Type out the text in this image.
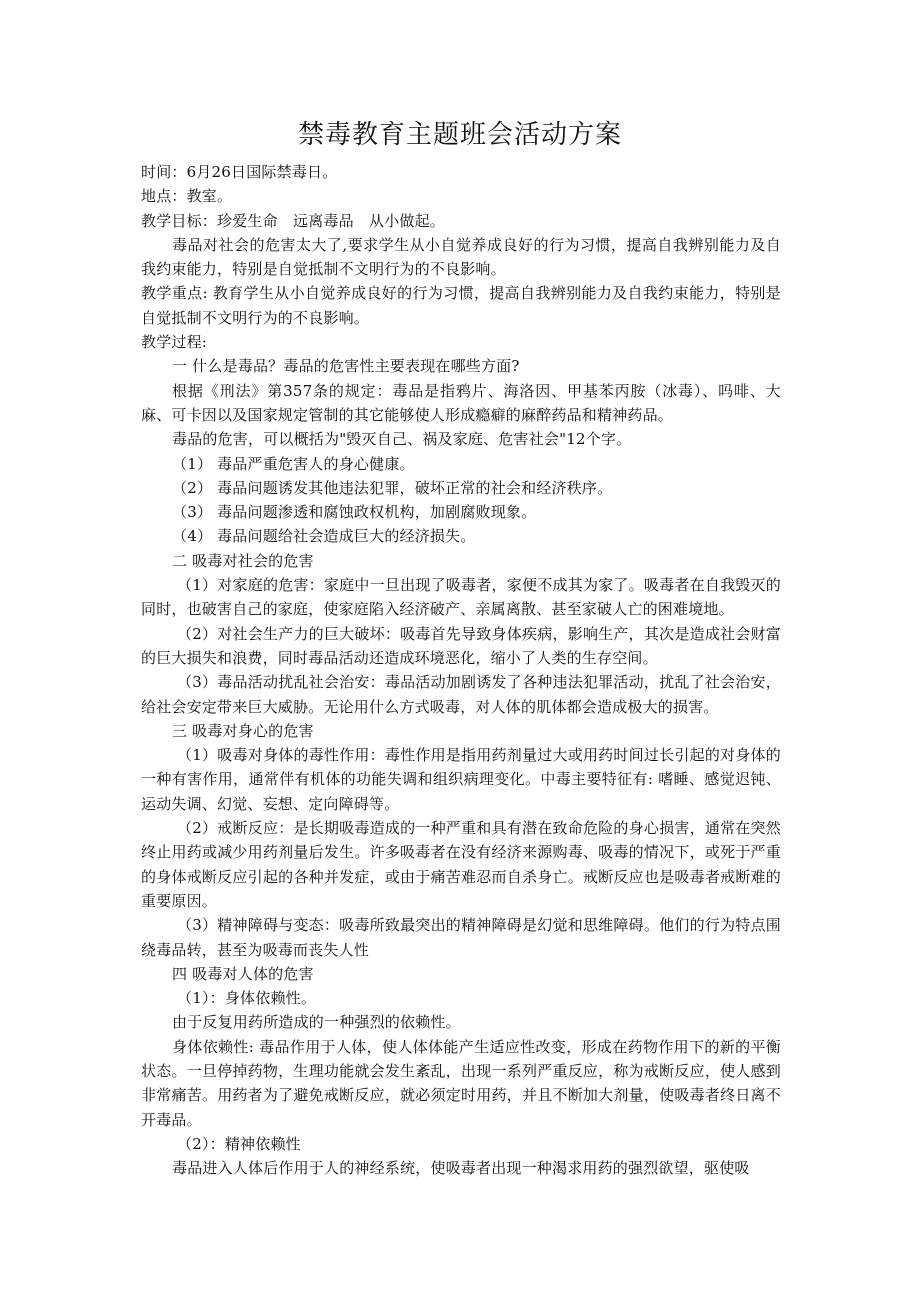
禁毒教育主题班会活动方案

时间：6月26日国际禁毒日。

地点：教室。

教学目标：珍爱生命　远离毒品　从小做起。

毒品对社会的危害太大了,要求学生从小自觉养成良好的行为习惯，提高自我辨别能力及自我约束能力，特别是自觉抵制不文明行为的不良影响。

教学重点: 教育学生从小自觉养成良好的行为习惯，提高自我辨别能力及自我约束能力，特别是自觉抵制不文明行为的不良影响。

教学过程:

一 什么是毒品？毒品的危害性主要表现在哪些方面?

根据《刑法》第357条的规定：毒品是指鸦片、海洛因、甲基苯丙胺（冰毒）、吗啡、大麻、可卡因以及国家规定管制的其它能够使人形成瘾癖的麻醉药品和精神药品。

毒品的危害，可以概括为"毁灭自己、祸及家庭、危害社会"12个字。

（1） 毒品严重危害人的身心健康。

（2） 毒品问题诱发其他违法犯罪，破坏正常的社会和经济秩序。

（3） 毒品问题渗透和腐蚀政权机构，加剧腐败现象。

（4） 毒品问题给社会造成巨大的经济损失。

二 吸毒对社会的危害

（1）对家庭的危害：家庭中一旦出现了吸毒者，家便不成其为家了。吸毒者在自我毁灭的同时，也破害自己的家庭，使家庭陷入经济破产、亲属离散、甚至家破人亡的困难境地。

（2）对社会生产力的巨大破坏：吸毒首先导致身体疾病，影响生产，其次是造成社会财富的巨大损失和浪费，同时毒品活动还造成环境恶化，缩小了人类的生存空间。

（3）毒品活动扰乱社会治安：毒品活动加剧诱发了各种违法犯罪活动，扰乱了社会治安，给社会安定带来巨大威胁。无论用什么方式吸毒，对人体的肌体都会造成极大的损害。

三 吸毒对身心的危害

（1）吸毒对身体的毒性作用：毒性作用是指用药剂量过大或用药时间过长引起的对身体的一种有害作用，通常伴有机体的功能失调和组织病理变化。中毒主要特征有: 嗜睡、感觉迟钝、运动失调、幻觉、妄想、定向障碍等。

（2）戒断反应：是长期吸毒造成的一种严重和具有潜在致命危险的身心损害，通常在突然终止用药或减少用药剂量后发生。许多吸毒者在没有经济来源购毒、吸毒的情况下，或死于严重的身体戒断反应引起的各种并发症，或由于痛苦难忍而自杀身亡。戒断反应也是吸毒者戒断难的重要原因。

（3）精神障碍与变态：吸毒所致最突出的精神障碍是幻觉和思维障碍。他们的行为特点围绕毒品转，甚至为吸毒而丧失人性

四 吸毒对人体的危害

（1）：身体依赖性。

由于反复用药所造成的一种强烈的依赖性。

身体依赖性: 毒品作用于人体，使人体体能产生适应性改变，形成在药物作用下的新的平衡状态。一旦停掉药物，生理功能就会发生紊乱，出现一系列严重反应，称为戒断反应，使人感到非常痛苦。用药者为了避免戒断反应，就必须定时用药，并且不断加大剂量，使吸毒者终日离不开毒品。

（2）：精神依赖性

毒品进入人体后作用于人的神经系统，使吸毒者出现一种渴求用药的强烈欲望，驱使吸
